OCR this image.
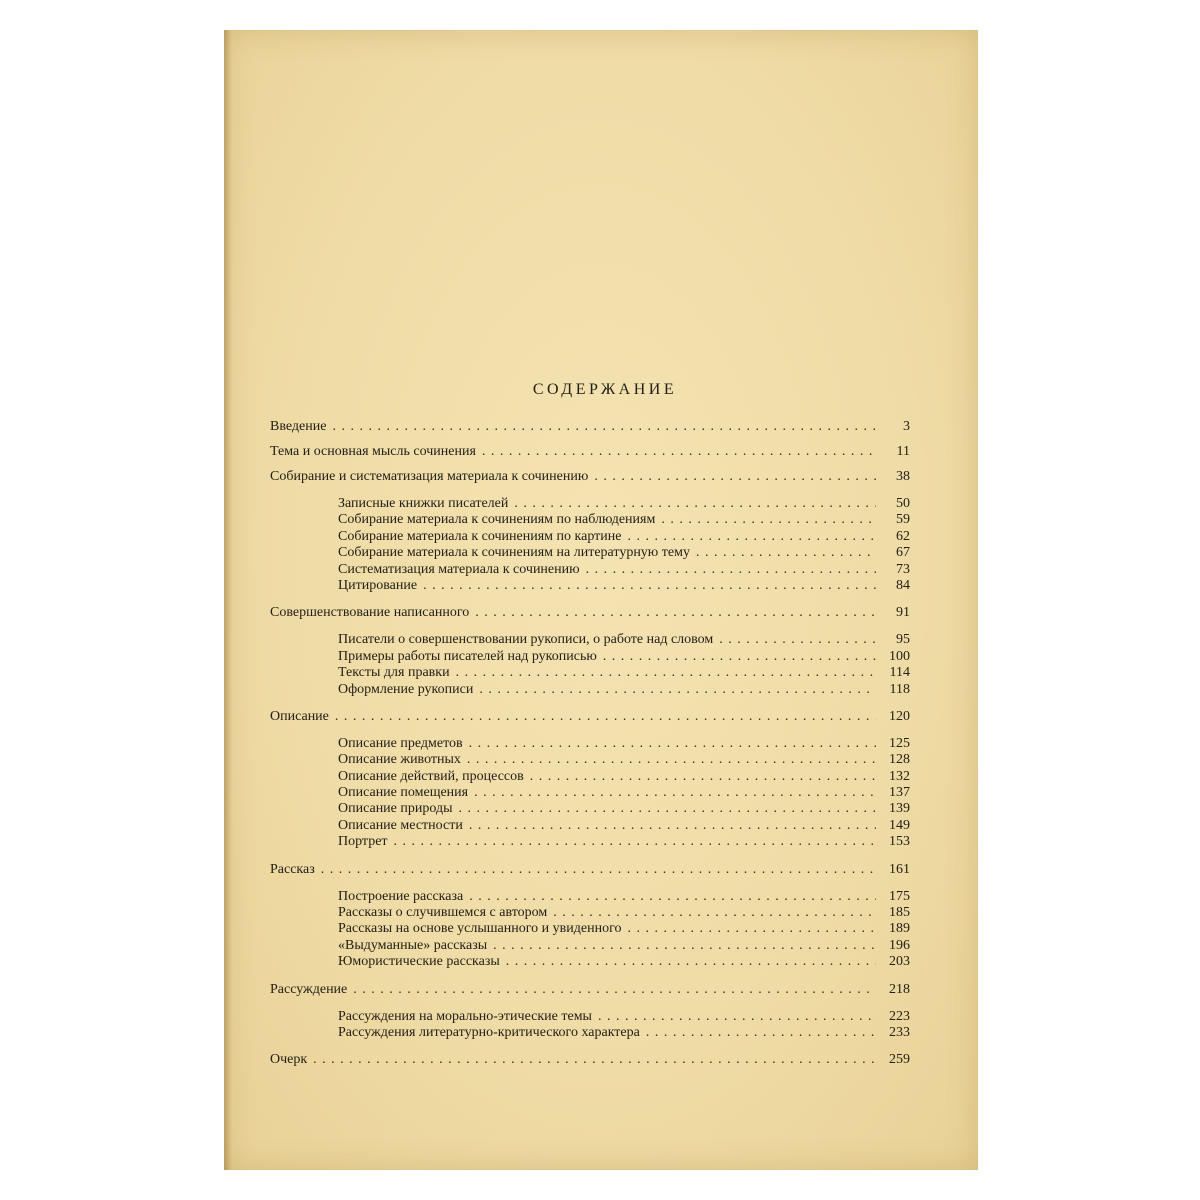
СОДЕРЖАНИЕ
Введение . . .	3
Тема и основная мысль сочинения . . .	11
Собирание и систематизация материала к сочинению . . .	38
Записные книжки писателей . . .	50
Собирание материала к сочинениям по наблюдениям . . .	59
Собирание материала к сочинениям по картине . . .	62
Собирание материала к сочинениям на литературную тему . . .	67
Систематизация материала к сочинению . . .	73
Цитирование . . .	84
Совершенствование написанного . . .	91
Писатели о совершенствовании рукописи, о работе над словом . . .	95
Примеры работы писателей над рукописью . . .	100
Тексты для правки . . .	114
Оформление рукописи . . .	118
Описание . . .	120
Описание предметов . . .	125
Описание животных . . .	128
Описание действий, процессов . . .	132
Описание помещения . . .	137
Описание природы . . .	139
Описание местности . . .	149
Портрет . . .	153
Рассказ . . .	161
Построение рассказа . . .	175
Рассказы о случившемся с автором . . .	185
Рассказы на основе услышанного и увиденного . . .	189
«Выдуманные» рассказы . . .	196
Юмористические рассказы . . .	203
Рассуждение . . .	218
Рассуждения на морально-этические темы . . .	223
Рассуждения литературно-критического характера . . .	233
Очерк . . .	259
